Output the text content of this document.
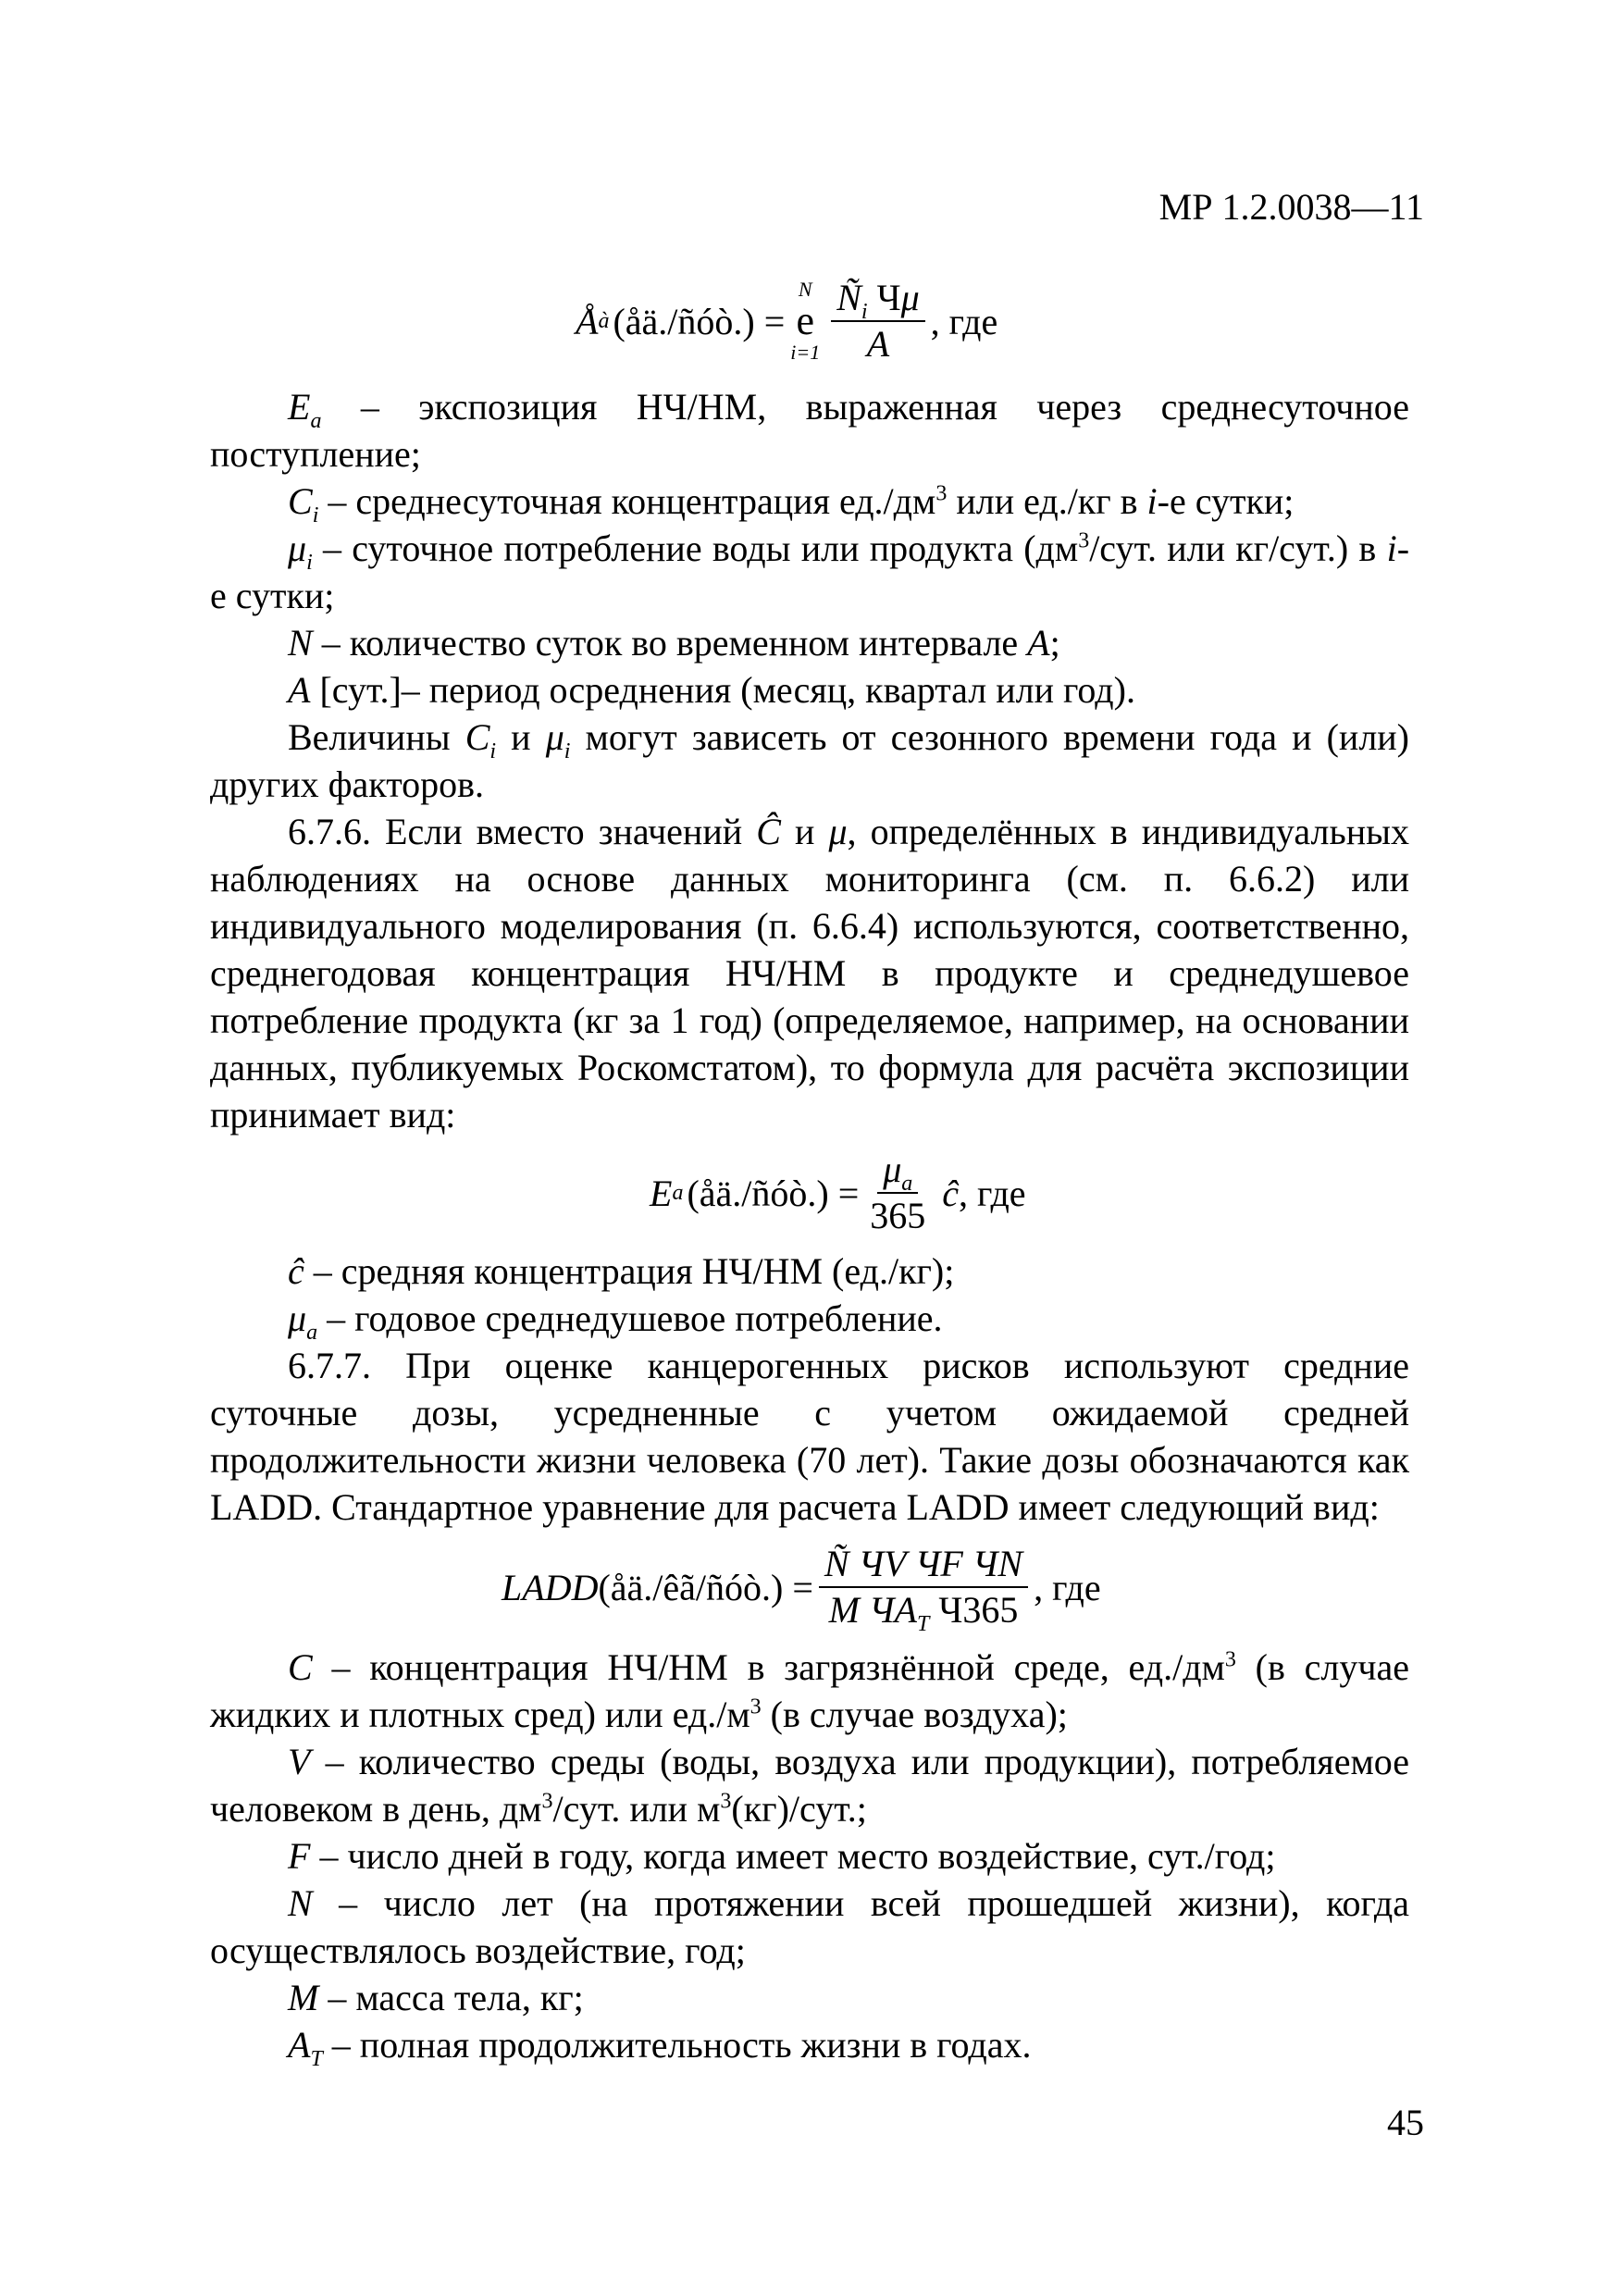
МР 1.2.0038—11
Å à (åä./ñóò.) =
N
e
$i=1 \frac{Ñ_i Ч\mu}{A}$ , где

$E_a$ – экспозиция НЧ/НМ, выраженная через среднесуточное поступление;

$C_i$ – среднесуточная концентрация $ед./дм^3$ или ед./кг в i-е сутки;

$\mu_i$ – суточное потребление воды или продукта ($дм^3$/сут. или кг/сут.) в i-е сутки;

N – количество суток во временном интервале A;

A [сут.]– период осреднения (месяц, квартал или год).

Величины $C_i$ и $\mu_i$ могут зависеть от сезонного времени года и (или) других факторов.

6.7.6. Если вместо значений Ĉ и μ, определённых в индивидуальных наблюдениях на основе данных мониторинга (см. п. 6.6.2) или индивидуального моделирования (п. 6.6.4) используются, соответственно, среднегодовая концентрация НЧ/НМ в продукте и среднедушевое потребление продукта (кг за 1 год) (определяемое, например, на основании данных, публикуемых Роскомстатом), то формула для расчёта экспозиции принимает вид:

E a (åä./ñóò.) = $\frac{\mu_a}{365}$ ĉ , где

ĉ – средняя концентрация НЧ/НМ (ед./кг);

$\mu_a$ – годовое среднедушевое потребление.

6.7.7. При оценке канцерогенных рисков используют средние суточные дозы, усредненные с учетом ожидаемой средней продолжительности жизни человека (70 лет). Такие дозы обозначаются как LADD. Стандартное уравнение для расчета LADD имеет следующий вид:

LADD (åä./êã/ñóò.) = $\frac{\text{Ñ ЧV ЧF ЧN}}{M ЧA_T Ч365}$ , где

C – концентрация НЧ/НМ в загрязнённой среде, $ед./дм^3$ (в случае жидких и плотных сред) или $ед./м^3$ (в случае воздуха);

V – количество среды (воды, воздуха или продукции), потребляемое человеком в день, $дм^3$/сут. или $м^3(кг)$/сут.;

F – число дней в году, когда имеет место воздействие, сут./год;

N – число лет (на протяжении всей прошедшей жизни), когда осуществлялось воздействие, год;

M – масса тела, кг;

$A_T$ – полная продолжительность жизни в годах.

45
